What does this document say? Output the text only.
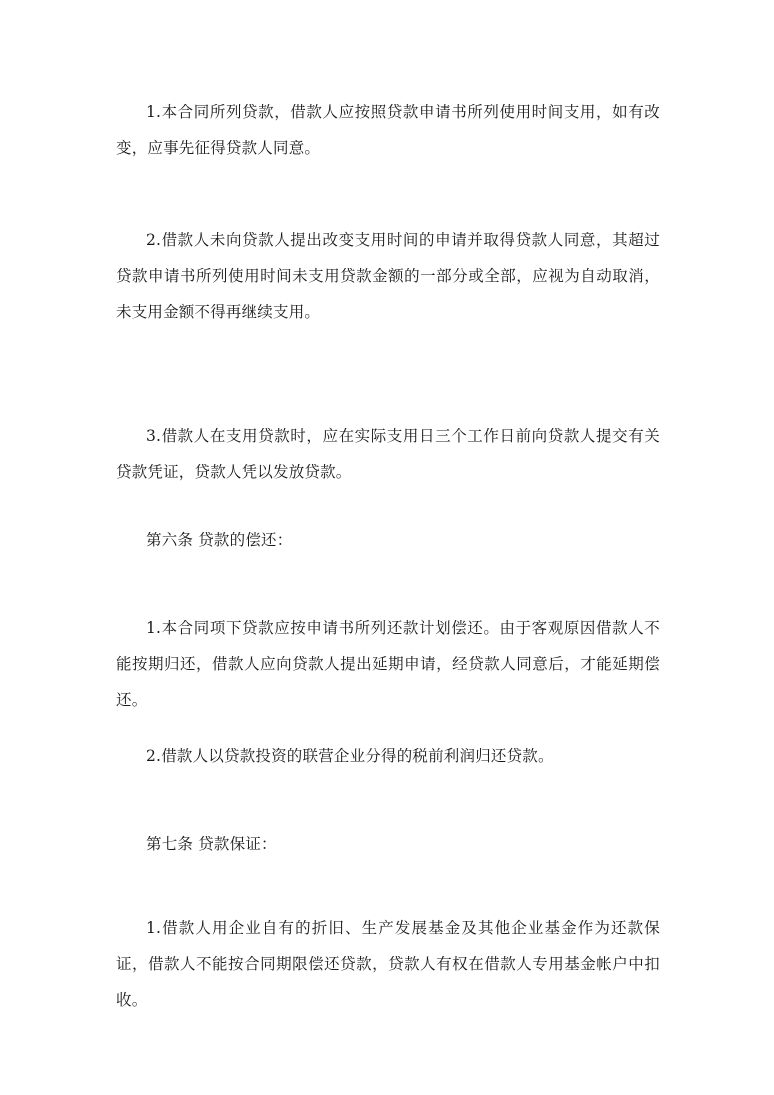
1.本合同所列贷款，借款人应按照贷款申请书所列使用时间支用，如有改变，应事先征得贷款人同意。

2.借款人未向贷款人提出改变支用时间的申请并取得贷款人同意，其超过贷款申请书所列使用时间未支用贷款金额的一部分或全部，应视为自动取消，未支用金额不得再继续支用。

3.借款人在支用贷款时，应在实际支用日三个工作日前向贷款人提交有关贷款凭证，贷款人凭以发放贷款。

第六条 贷款的偿还：

1.本合同项下贷款应按申请书所列还款计划偿还。由于客观原因借款人不能按期归还，借款人应向贷款人提出延期申请，经贷款人同意后，才能延期偿还。

2.借款人以贷款投资的联营企业分得的税前利润归还贷款。

第七条 贷款保证：

1.借款人用企业自有的折旧、生产发展基金及其他企业基金作为还款保证，借款人不能按合同期限偿还贷款，贷款人有权在借款人专用基金帐户中扣收。
